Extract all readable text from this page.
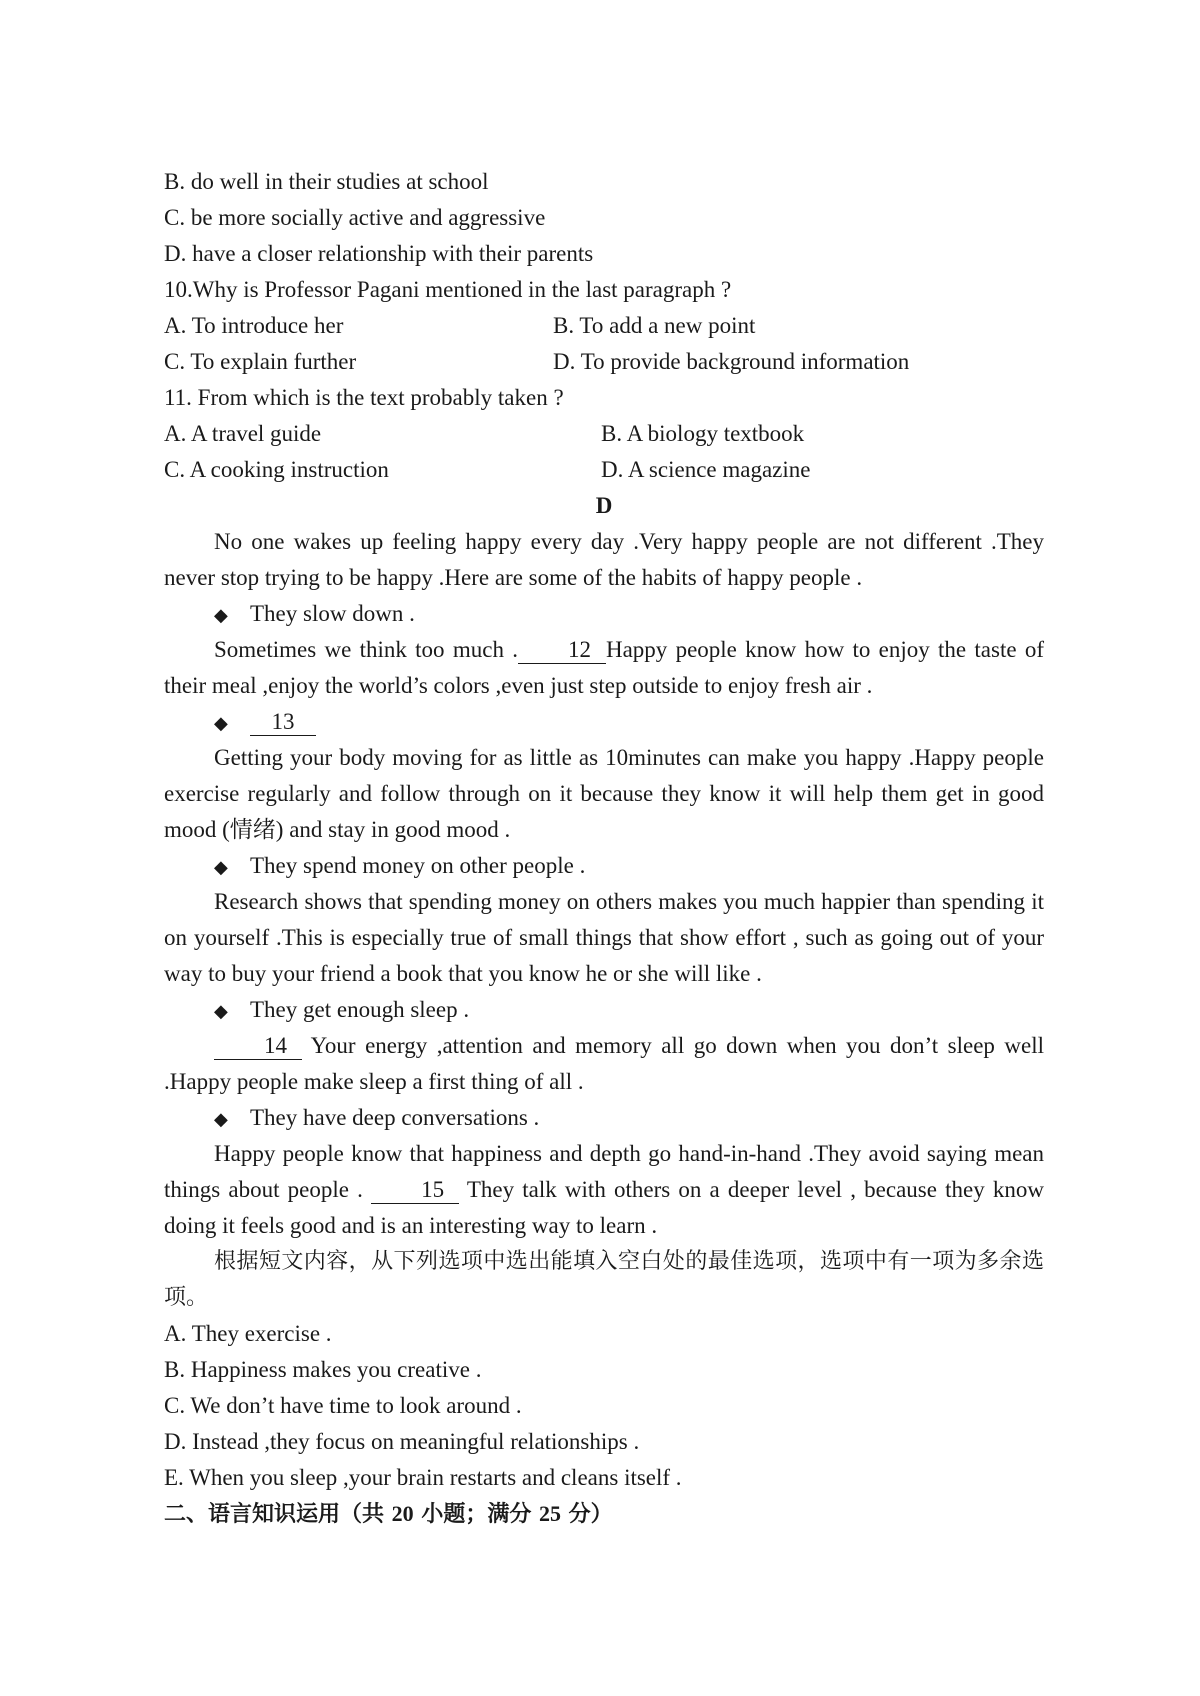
B. do well in their studies at school
C. be more socially active and aggressive
D. have a closer relationship with their parents
10.Why is Professor Pagani mentioned in the last paragraph ?
A. To introduce her	B. To add a new point
C. To explain further	D. To provide background information
11. From which is the text probably taken ?
A. A travel guide	B. A biology textbook
C. A cooking instruction	D. A science magazine
D

No one wakes up feeling happy every day .Very happy people are not different .They never stop trying to be happy .Here are some of the habits of happy people .

◆ They slow down .

Sometimes we think too much . 12 Happy people know how to enjoy the taste of their meal ,enjoy the world’s colors ,even just step outside to enjoy fresh air .

◆ 13

Getting your body moving for as little as 10minutes can make you happy .Happy people exercise regularly and follow through on it because they know it will help them get in good mood (情绪) and stay in good mood .

◆ They spend money on other people .

Research shows that spending money on others makes you much happier than spending it on yourself .This is especially true of small things that show effort , such as going out of your way to buy your friend a book that you know he or she will like .

◆ They get enough sleep .

14 Your energy ,attention and memory all go down when you don’t sleep well .Happy people make sleep a first thing of all .

◆ They have deep conversations .

Happy people know that happiness and depth go hand-in-hand .They avoid saying mean things about people .	15 They talk with others on a deeper level , because they know doing it feels good and is an interesting way to learn .

根据短文内容，从下列选项中选出能填入空白处的最佳选项，选项中有一项为多余选项。

A. They exercise .
B. Happiness makes you creative .
C. We don’t have time to look around .
D. Instead ,they focus on meaningful relationships .
E. When you sleep ,your brain restarts and cleans itself .
二、语言知识运用（共 20 小题；满分 25 分）
